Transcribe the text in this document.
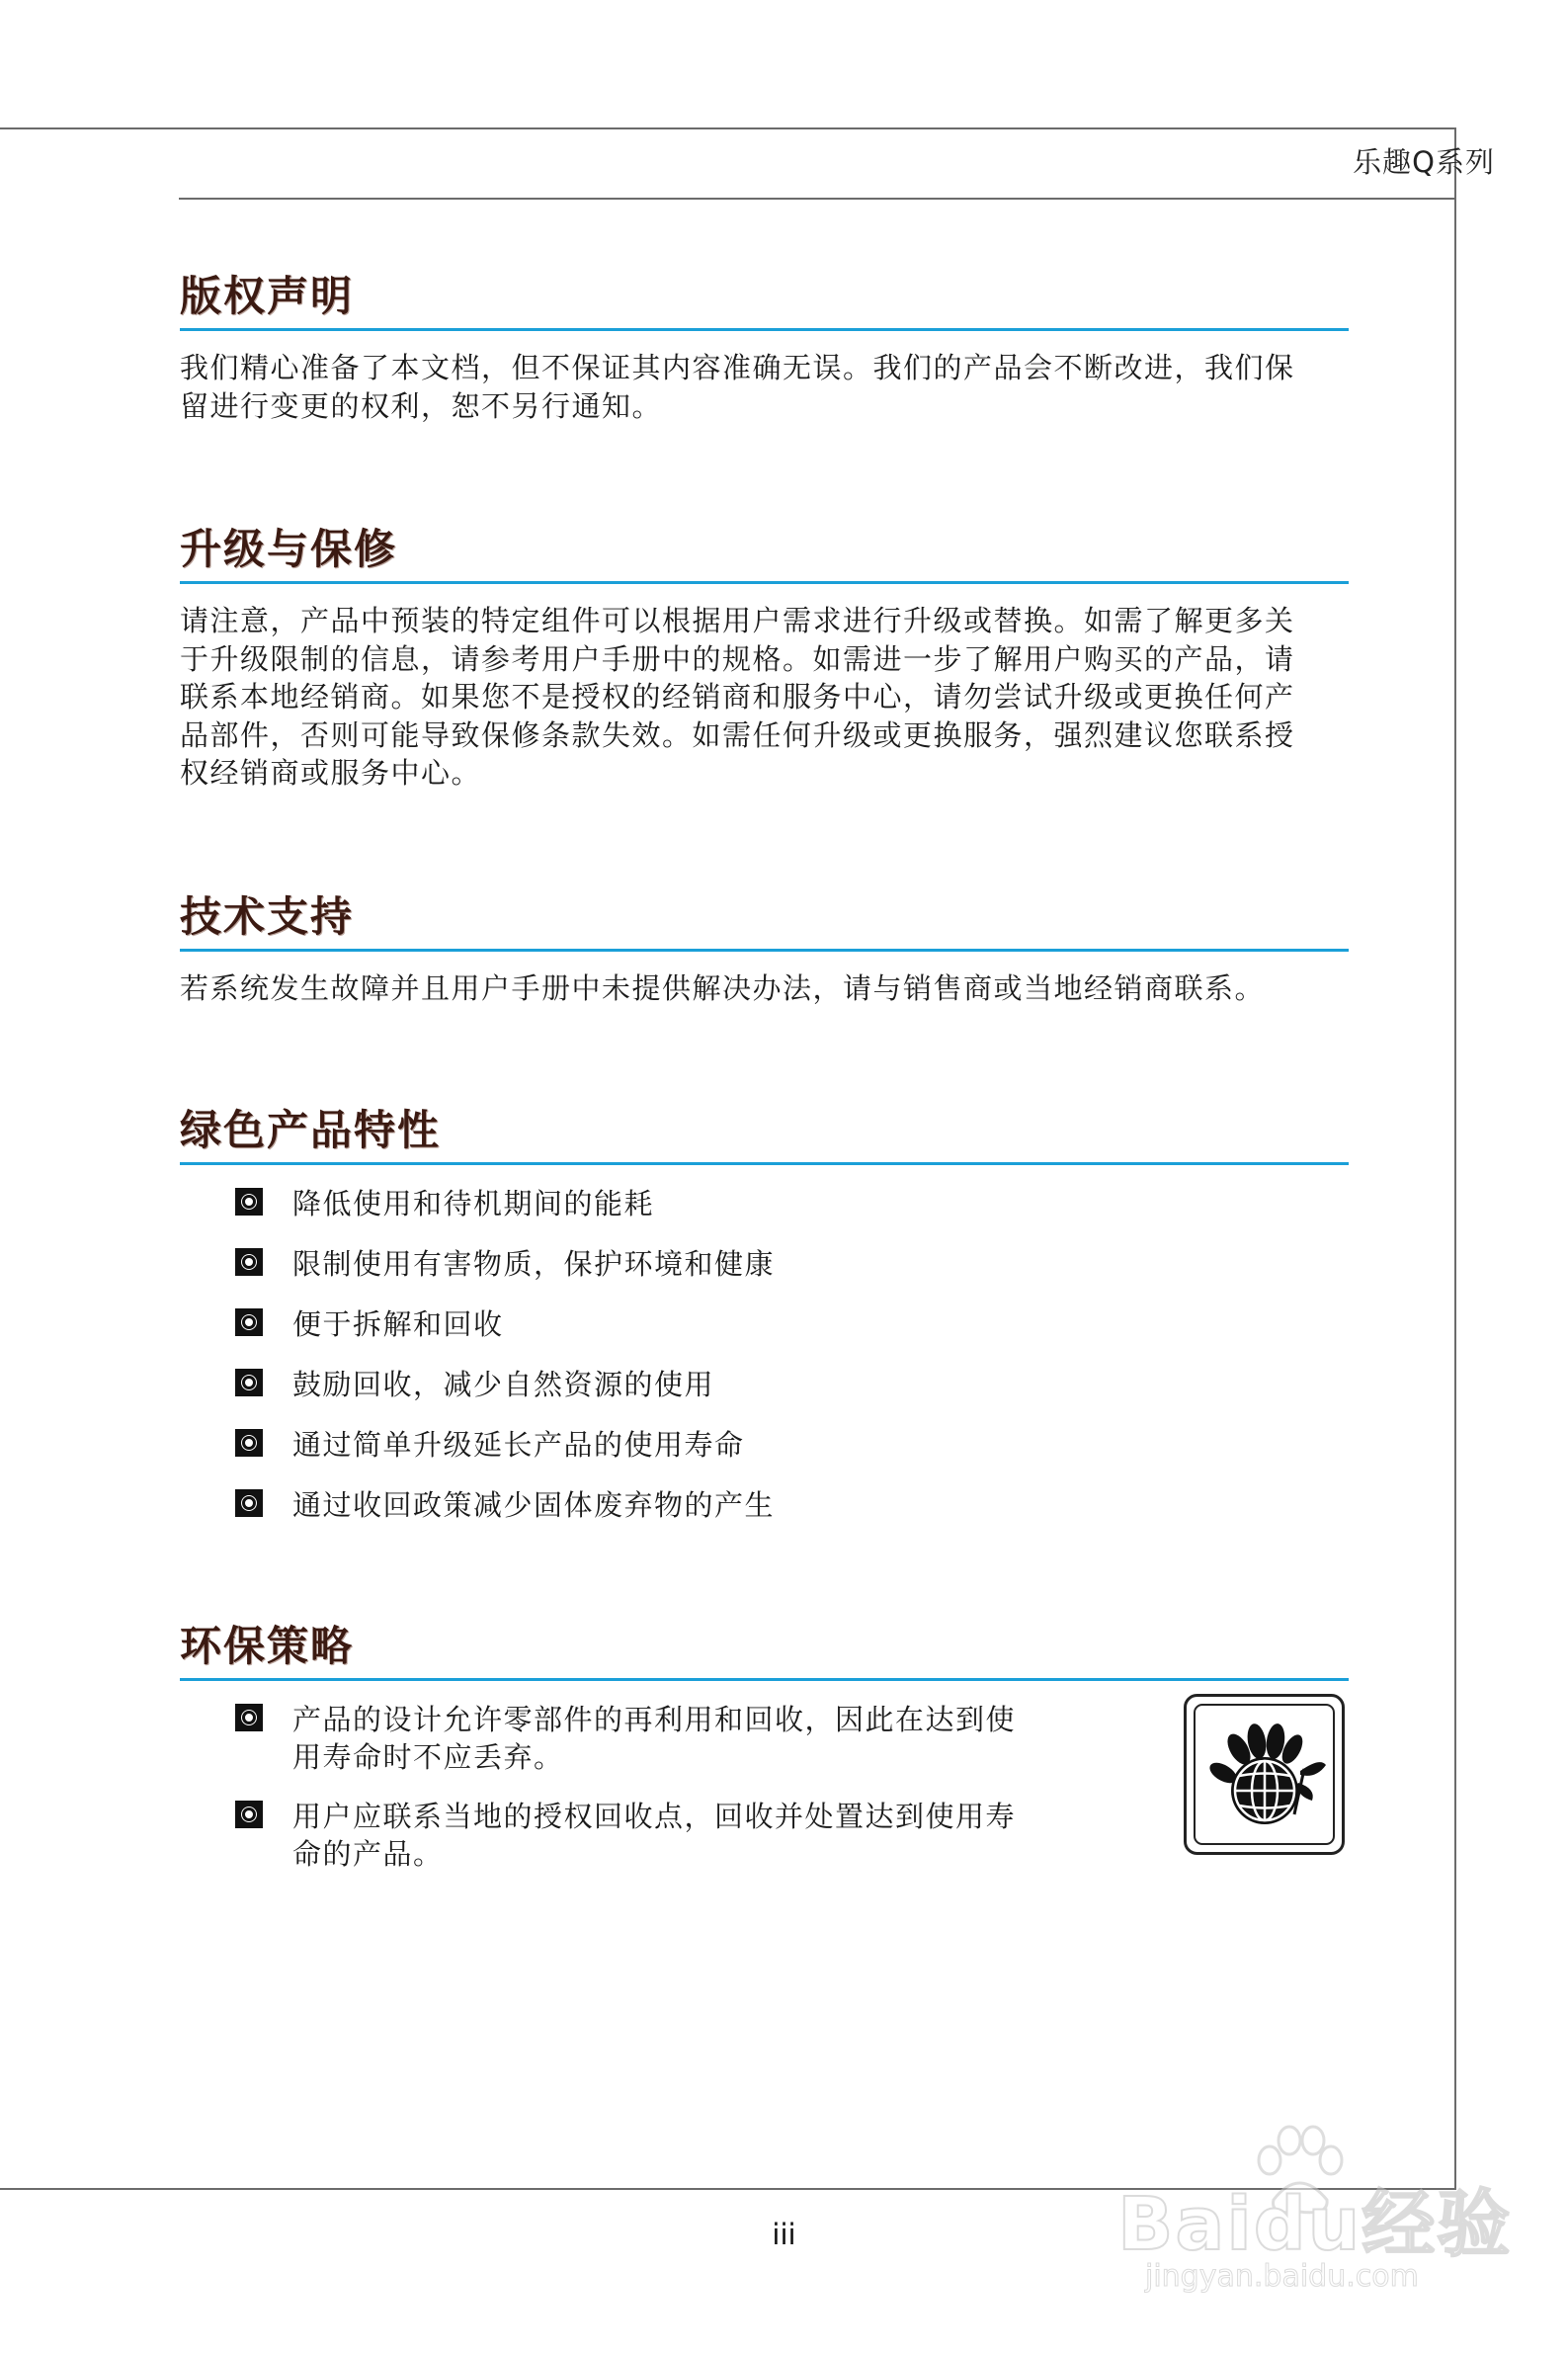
乐趣Q系列
版权声明
我们精心准备了本文档，但不保证其内容准确无误。我们的产品会不断改进，我们保留进行变更的权利，恕不另行通知。
升级与保修
请注意，产品中预装的特定组件可以根据用户需求进行升级或替换。如需了解更多关于升级限制的信息，请参考用户手册中的规格。如需进一步了解用户购买的产品，请联系本地经销商。如果您不是授权的经销商和服务中心，请勿尝试升级或更换任何产品部件，否则可能导致保修条款失效。如需任何升级或更换服务，强烈建议您联系授权经销商或服务中心。
技术支持
若系统发生故障并且用户手册中未提供解决办法，请与销售商或当地经销商联系。
绿色产品特性
降低使用和待机期间的能耗
限制使用有害物质，保护环境和健康
便于拆解和回收
鼓励回收，减少自然资源的使用
通过简单升级延长产品的使用寿命
通过收回政策减少固体废弃物的产生
环保策略
产品的设计允许零部件的再利用和回收，因此在达到使用寿命时不应丢弃。
用户应联系当地的授权回收点，回收并处置达到使用寿命的产品。
iii	Baidu经验
jingyan.baidu.com
